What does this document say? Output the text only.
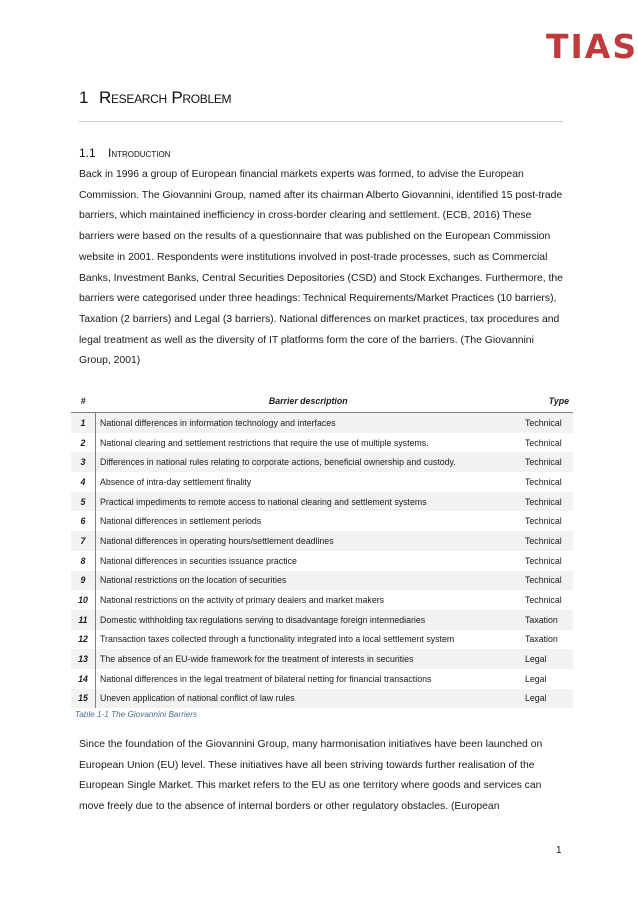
TIAS
1 Research Problem
1.1 Introduction

Back in 1996 a group of European financial markets experts was formed, to advise the European Commission. The Giovannini Group, named after its chairman Alberto Giovannini, identified 15 post-trade barriers, which maintained inefficiency in cross-border clearing and settlement. (ECB, 2016) These barriers were based on the results of a questionnaire that was published on the European Commission website in 2001. Respondents were institutions involved in post-trade processes, such as Commercial Banks, Investment Banks, Central Securities Depositories (CSD) and Stock Exchanges. Furthermore, the barriers were categorised under three headings: Technical Requirements/Market Practices (10 barriers), Taxation (2 barriers) and Legal (3 barriers). National differences on market practices, tax procedures and legal treatment as well as the diversity of IT platforms form the core of the barriers. (The Giovannini Group, 2001)

#	Barrier description	Type
1	National differences in information technology and interfaces	Technical
2	National clearing and settlement restrictions that require the use of multiple systems.	Technical
3	Differences in national rules relating to corporate actions, beneficial ownership and custody.	Technical
4	Absence of intra-day settlement finality	Technical
5	Practical impediments to remote access to national clearing and settlement systems	Technical
6	National differences in settlement periods	Technical
7	National differences in operating hours/settlement deadlines	Technical
8	National differences in securities issuance practice	Technical
9	National restrictions on the location of securities	Technical
10	National restrictions on the activity of primary dealers and market makers	Technical
11	Domestic withholding tax regulations serving to disadvantage foreign intermediaries	Taxation
12	Transaction taxes collected through a functionality integrated into a local settlement system	Taxation
13	The absence of an EU-wide framework for the treatment of interests in securities	Legal
14	National differences in the legal treatment of bilateral netting for financial transactions	Legal
15	Uneven application of national conflict of law rules	Legal
Table 1-1 The Giovannini Barriers

Since the foundation of the Giovannini Group, many harmonisation initiatives have been launched on European Union (EU) level. These initiatives have all been striving towards further realisation of the European Single Market. This market refers to the EU as one territory where goods and services can move freely due to the absence of internal borders or other regulatory obstacles. (European

1
